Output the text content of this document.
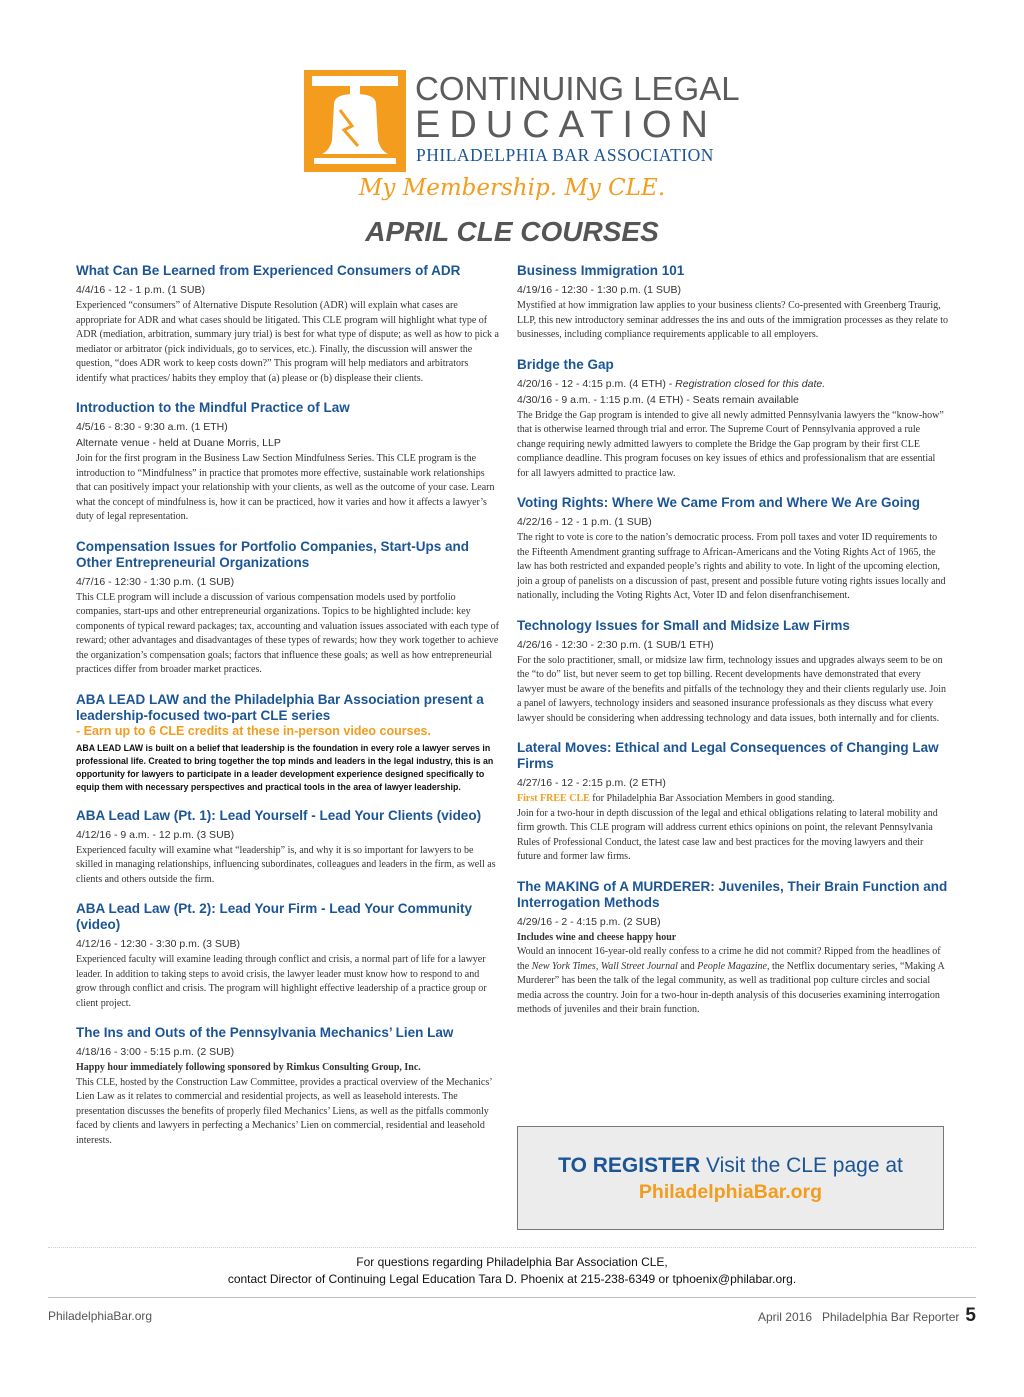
CONTINUING LEGAL
EDUCATION
PHILADELPHIA BAR ASSOCIATION
My Membership. My CLE.
APRIL CLE COURSES

What Can Be Learned from Experienced Consumers of ADR

4/4/16 - 12 - 1 p.m. (1 SUB)

Experienced “consumers” of Alternative Dispute Resolution (ADR) will explain what cases are appropriate for ADR and what cases should be litigated. This CLE program will highlight what type of ADR (mediation, arbitration, summary jury trial) is best for what type of dispute; as well as how to pick a mediator or arbitrator (pick individuals, go to services, etc.). Finally, the discussion will answer the question, “does ADR work to keep costs down?” This program will help mediators and arbitrators identify what practices/ habits they employ that (a) please or (b) displease their clients.

Introduction to the Mindful Practice of Law

4/5/16 - 8:30 - 9:30 a.m. (1 ETH)

Alternate venue - held at Duane Morris, LLP

Join for the first program in the Business Law Section Mindfulness Series. This CLE program is the introduction to “Mindfulness” in practice that promotes more effective, sustainable work relationships that can positively impact your relationship with your clients, as well as the outcome of your case. Learn what the concept of mindfulness is, how it can be practiced, how it varies and how it affects a lawyer’s duty of legal representation.

Compensation Issues for Portfolio Companies, Start-Ups and Other Entrepreneurial Organizations

4/7/16 - 12:30 - 1:30 p.m. (1 SUB)

This CLE program will include a discussion of various compensation models used by portfolio companies, start-ups and other entrepreneurial organizations. Topics to be highlighted include: key components of typical reward packages; tax, accounting and valuation issues associated with each type of reward; other advantages and disadvantages of these types of rewards; how they work together to achieve the organization’s compensation goals; factors that influence these goals; as well as how entrepreneurial practices differ from broader market practices.

ABA LEAD LAW and the Philadelphia Bar Association present a leadership-focused two-part CLE series

- Earn up to 6 CLE credits at these in-person video courses.

ABA LEAD LAW is built on a belief that leadership is the foundation in every role a lawyer serves in professional life. Created to bring together the top minds and leaders in the legal industry, this is an opportunity for lawyers to participate in a leader development experience designed specifically to equip them with necessary perspectives and practical tools in the area of lawyer leadership.

ABA Lead Law (Pt. 1): Lead Yourself - Lead Your Clients (video)

4/12/16 - 9 a.m. - 12 p.m. (3 SUB)

Experienced faculty will examine what “leadership” is, and why it is so important for lawyers to be skilled in managing relationships, influencing subordinates, colleagues and leaders in the firm, as well as clients and others outside the firm.

ABA Lead Law (Pt. 2): Lead Your Firm - Lead Your Community (video)

4/12/16 - 12:30 - 3:30 p.m. (3 SUB)

Experienced faculty will examine leading through conflict and crisis, a normal part of life for a lawyer leader. In addition to taking steps to avoid crisis, the lawyer leader must know how to respond to and grow through conflict and crisis. The program will highlight effective leadership of a practice group or client project.

The Ins and Outs of the Pennsylvania Mechanics’ Lien Law

4/18/16 - 3:00 - 5:15 p.m. (2 SUB)

Happy hour immediately following sponsored by Rimkus Consulting Group, Inc.

This CLE, hosted by the Construction Law Committee, provides a practical overview of the Mechanics’ Lien Law as it relates to commercial and residential projects, as well as leasehold interests. The presentation discusses the benefits of properly filed Mechanics’ Liens, as well as the pitfalls commonly faced by clients and lawyers in perfecting a Mechanics’ Lien on commercial, residential and leasehold interests.

Business Immigration 101

4/19/16 - 12:30 - 1:30 p.m. (1 SUB)

Mystified at how immigration law applies to your business clients? Co-presented with Greenberg Traurig, LLP, this new introductory seminar addresses the ins and outs of the immigration processes as they relate to businesses, including compliance requirements applicable to all employers.

Bridge the Gap

4/20/16 - 12 - 4:15 p.m. (4 ETH) - Registration closed for this date.

4/30/16 - 9 a.m. - 1:15 p.m. (4 ETH) - Seats remain available

The Bridge the Gap program is intended to give all newly admitted Pennsylvania lawyers the “know-how” that is otherwise learned through trial and error. The Supreme Court of Pennsylvania approved a rule change requiring newly admitted lawyers to complete the Bridge the Gap program by their first CLE compliance deadline. This program focuses on key issues of ethics and professionalism that are essential for all lawyers admitted to practice law.

Voting Rights: Where We Came From and Where We Are Going

4/22/16 - 12 - 1 p.m. (1 SUB)

The right to vote is core to the nation’s democratic process. From poll taxes and voter ID requirements to the Fifteenth Amendment granting suffrage to African-Americans and the Voting Rights Act of 1965, the law has both restricted and expanded people’s rights and ability to vote. In light of the upcoming election, join a group of panelists on a discussion of past, present and possible future voting rights issues locally and nationally, including the Voting Rights Act, Voter ID and felon disenfranchisement.

Technology Issues for Small and Midsize Law Firms

4/26/16 - 12:30 - 2:30 p.m. (1 SUB/1 ETH)

For the solo practitioner, small, or midsize law firm, technology issues and upgrades always seem to be on the “to do” list, but never seem to get top billing. Recent developments have demonstrated that every lawyer must be aware of the benefits and pitfalls of the technology they and their clients regularly use. Join a panel of lawyers, technology insiders and seasoned insurance professionals as they discuss what every lawyer should be considering when addressing technology and data issues, both internally and for clients.

Lateral Moves: Ethical and Legal Consequences of Changing Law Firms

4/27/16 - 12 - 2:15 p.m. (2 ETH)

First FREE CLE for Philadelphia Bar Association Members in good standing.

Join for a two-hour in depth discussion of the legal and ethical obligations relating to lateral mobility and firm growth. This CLE program will address current ethics opinions on point, the relevant Pennsylvania Rules of Professional Conduct, the latest case law and best practices for the moving lawyers and their future and former law firms.

The MAKING of A MURDERER: Juveniles, Their Brain Function and Interrogation Methods

4/29/16 - 2 - 4:15 p.m. (2 SUB)

Includes wine and cheese happy hour

Would an innocent 16-year-old really confess to a crime he did not commit? Ripped from the headlines of the New York Times, Wall Street Journal and People Magazine, the Netflix documentary series, “Making A Murderer” has been the talk of the legal community, as well as traditional pop culture circles and social media across the country. Join for a two-hour in-depth analysis of this docuseries examining interrogation methods of juveniles and their brain function.

TO REGISTER Visit the CLE page at
PhiladelphiaBar.org
For questions regarding Philadelphia Bar Association CLE,
contact Director of Continuing Legal Education Tara D. Phoenix at 215-238-6349 or tphoenix@philabar.org.
PhiladelphiaBar.org	April 2016   Philadelphia Bar Reporter 5
